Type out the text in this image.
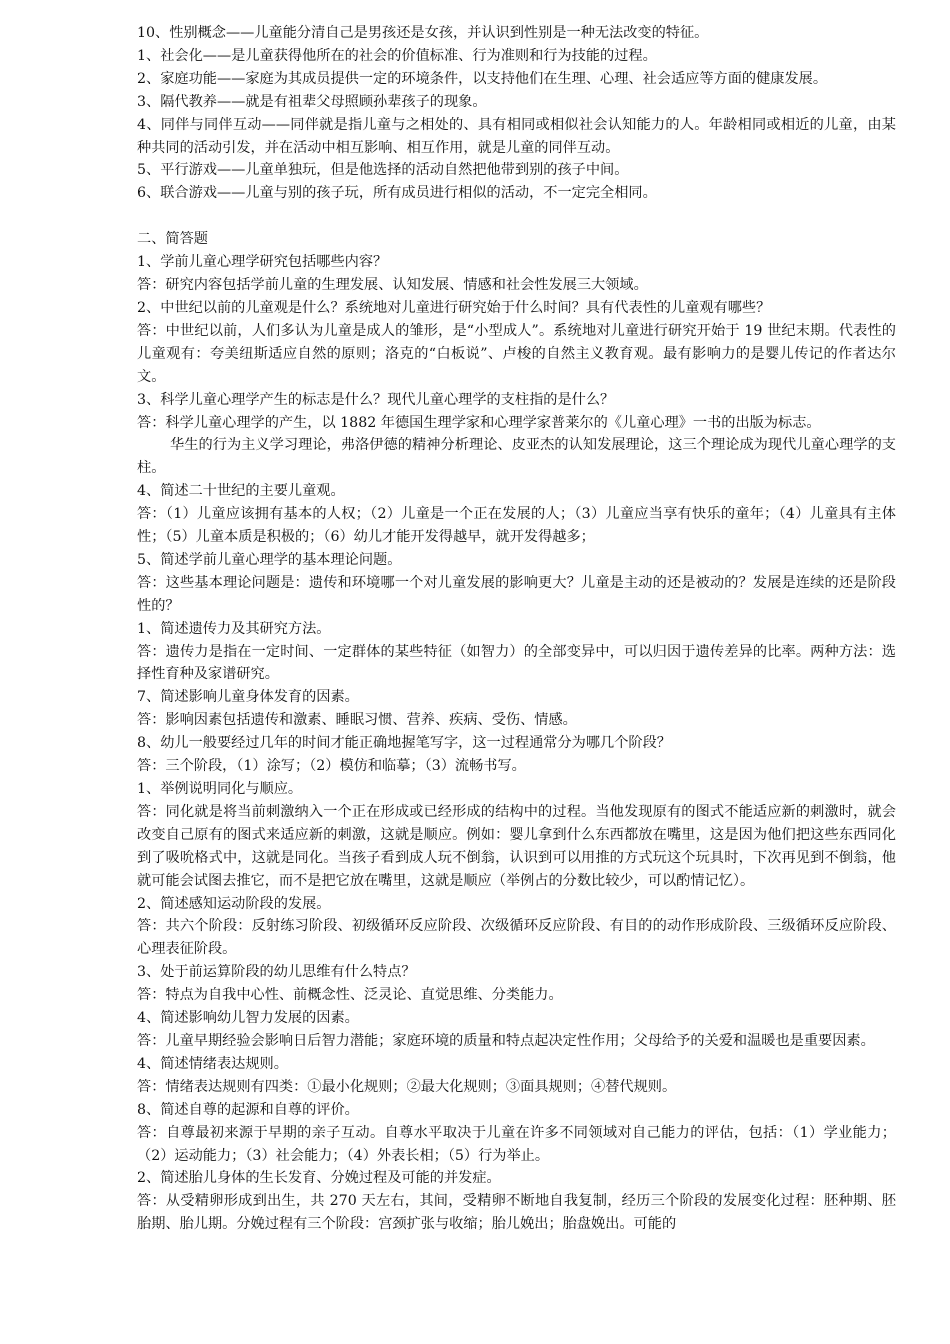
10、性别概念——儿童能分清自己是男孩还是女孩，并认识到性别是一种无法改变的特征。

1、社会化——是儿童获得他所在的社会的价值标准、行为准则和行为技能的过程。

2、家庭功能——家庭为其成员提供一定的环境条件，以支持他们在生理、心理、社会适应等方面的健康发展。

3、隔代教养——就是有祖辈父母照顾孙辈孩子的现象。

4、同伴与同伴互动——同伴就是指儿童与之相处的、具有相同或相似社会认知能力的人。年龄相同或相近的儿童，由某种共同的活动引发，并在活动中相互影响、相互作用，就是儿童的同伴互动。

5、平行游戏——儿童单独玩，但是他选择的活动自然把他带到别的孩子中间。

6、联合游戏——儿童与别的孩子玩，所有成员进行相似的活动，不一定完全相同。

二、简答题

1、学前儿童心理学研究包括哪些内容？

答：研究内容包括学前儿童的生理发展、认知发展、情感和社会性发展三大领域。

2、中世纪以前的儿童观是什么？系统地对儿童进行研究始于什么时间？具有代表性的儿童观有哪些？

答：中世纪以前，人们多认为儿童是成人的雏形，是“小型成人”。系统地对儿童进行研究开始于 19 世纪末期。代表性的儿童观有：夸美纽斯适应自然的原则；洛克的“白板说”、卢梭的自然主义教育观。最有影响力的是婴儿传记的作者达尔文。

3、科学儿童心理学产生的标志是什么？现代儿童心理学的支柱指的是什么？

答：科学儿童心理学的产生，以 1882 年德国生理学家和心理学家普莱尔的《儿童心理》一书的出版为标志。

华生的行为主义学习理论，弗洛伊德的精神分析理论、皮亚杰的认知发展理论，这三个理论成为现代儿童心理学的支柱。

4、简述二十世纪的主要儿童观。

答：（1）儿童应该拥有基本的人权；（2）儿童是一个正在发展的人；（3）儿童应当享有快乐的童年；（4）儿童具有主体性；（5）儿童本质是积极的；（6）幼儿才能开发得越早，就开发得越多；

5、简述学前儿童心理学的基本理论问题。

答：这些基本理论问题是：遗传和环境哪一个对儿童发展的影响更大？儿童是主动的还是被动的？发展是连续的还是阶段性的？

1、简述遗传力及其研究方法。

答：遗传力是指在一定时间、一定群体的某些特征（如智力）的全部变异中，可以归因于遗传差异的比率。两种方法：选择性育种及家谱研究。

7、简述影响儿童身体发育的因素。

答：影响因素包括遗传和激素、睡眠习惯、营养、疾病、受伤、情感。

8、幼儿一般要经过几年的时间才能正确地握笔写字，这一过程通常分为哪几个阶段？

答：三个阶段，（1）涂写；（2）模仿和临摹；（3）流畅书写。

1、举例说明同化与顺应。

答：同化就是将当前刺激纳入一个正在形成或已经形成的结构中的过程。当他发现原有的图式不能适应新的刺激时，就会改变自己原有的图式来适应新的刺激，这就是顺应。例如：婴儿拿到什么东西都放在嘴里，这是因为他们把这些东西同化到了吸吮格式中，这就是同化。当孩子看到成人玩不倒翁，认识到可以用推的方式玩这个玩具时，下次再见到不倒翁，他就可能会试图去推它，而不是把它放在嘴里，这就是顺应（举例占的分数比较少，可以酌情记忆）。

2、简述感知运动阶段的发展。

答：共六个阶段：反射练习阶段、初级循环反应阶段、次级循环反应阶段、有目的的动作形成阶段、三级循环反应阶段、心理表征阶段。

3、处于前运算阶段的幼儿思维有什么特点？

答：特点为自我中心性、前概念性、泛灵论、直觉思维、分类能力。

4、简述影响幼儿智力发展的因素。

答：儿童早期经验会影响日后智力潜能；家庭环境的质量和特点起决定性作用；父母给予的关爱和温暖也是重要因素。

4、简述情绪表达规则。

答：情绪表达规则有四类：①最小化规则；②最大化规则；③面具规则；④替代规则。

8、简述自尊的起源和自尊的评价。

答：自尊最初来源于早期的亲子互动。自尊水平取决于儿童在许多不同领域对自己能力的评估，包括：（1）学业能力；（2）运动能力；（3）社会能力；（4）外表长相；（5）行为举止。

2、简述胎儿身体的生长发育、分娩过程及可能的并发症。

答：从受精卵形成到出生，共 270 天左右，其间，受精卵不断地自我复制，经历三个阶段的发展变化过程：胚种期、胚胎期、胎儿期。分娩过程有三个阶段：宫颈扩张与收缩；胎儿娩出；胎盘娩出。可能的
